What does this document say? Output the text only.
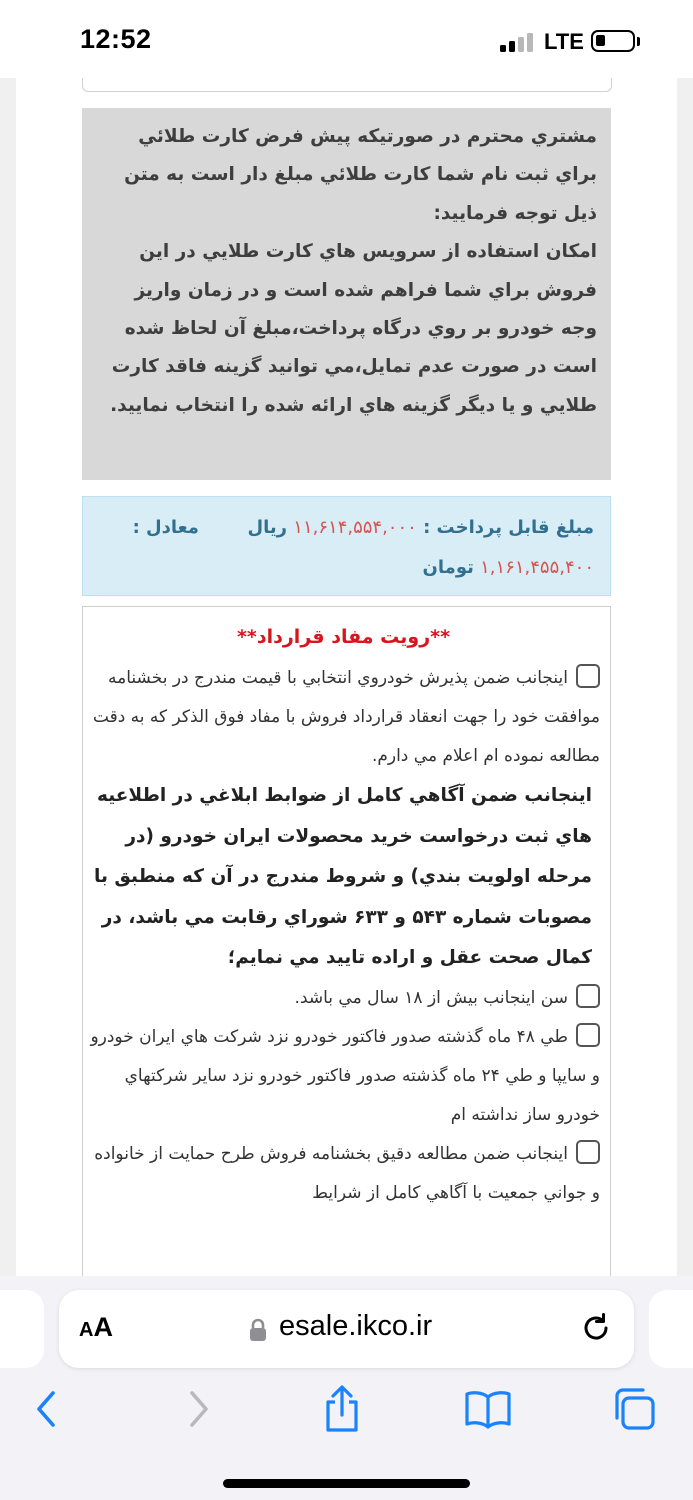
12:52	LTE
مشتري محترم در صورتيكه پيش فرض كارت طلائي براي ثبت نام شما كارت طلائي مبلغ دار است به متن ذيل توجه فرماييد:
امكان استفاده از سرويس هاي كارت طلايي در اين فروش براي شما فراهم شده است و در زمان واريز وجه خودرو بر روي درگاه پرداخت،مبلغ آن لحاظ شده است در صورت عدم تمايل،مي توانيد گزينه فاقد كارت طلايي و يا ديگر گزينه هاي ارائه شده را انتخاب نماييد.
مبلغ قابل پرداخت : ۱۱,۶۱۴,۵۵۴,۰۰۰ ريال  معادل : ۱,۱۶۱,۴۵۵,۴۰۰ تومان
**رويت مفاد قرارداد**
اينجانب ضمن پذيرش خودروي انتخابي با قيمت مندرج در بخشنامه موافقت خود را جهت انعقاد قرارداد فروش با مفاد فوق الذكر كه به دقت مطالعه نموده ام اعلام مي دارم.
اينجانب ضمن آگاهي كامل از ضوابط ابلاغي در اطلاعيه هاي ثبت درخواست خريد محصولات ايران خودرو (در مرحله اولويت بندي) و شروط مندرج در آن كه منطبق با مصوبات شماره ۵۴۳ و ۶۳۳ شوراي رقابت مي باشد، در كمال صحت عقل و اراده تاييد مي نمايم؛
سن اينجانب بيش از ۱۸ سال مي باشد.
طي ۴۸ ماه گذشته صدور فاكتور خودرو نزد شركت هاي ايران خودرو و سايپا و طي ۲۴ ماه گذشته صدور فاكتور خودرو نزد ساير شركتهاي خودرو ساز نداشته ام
اينجانب ضمن مطالعه دقيق بخشنامه فروش طرح حمايت از خانواده و جواني جمعيت با آگاهي كامل از شرايط
AA	esale.ikco.ir
